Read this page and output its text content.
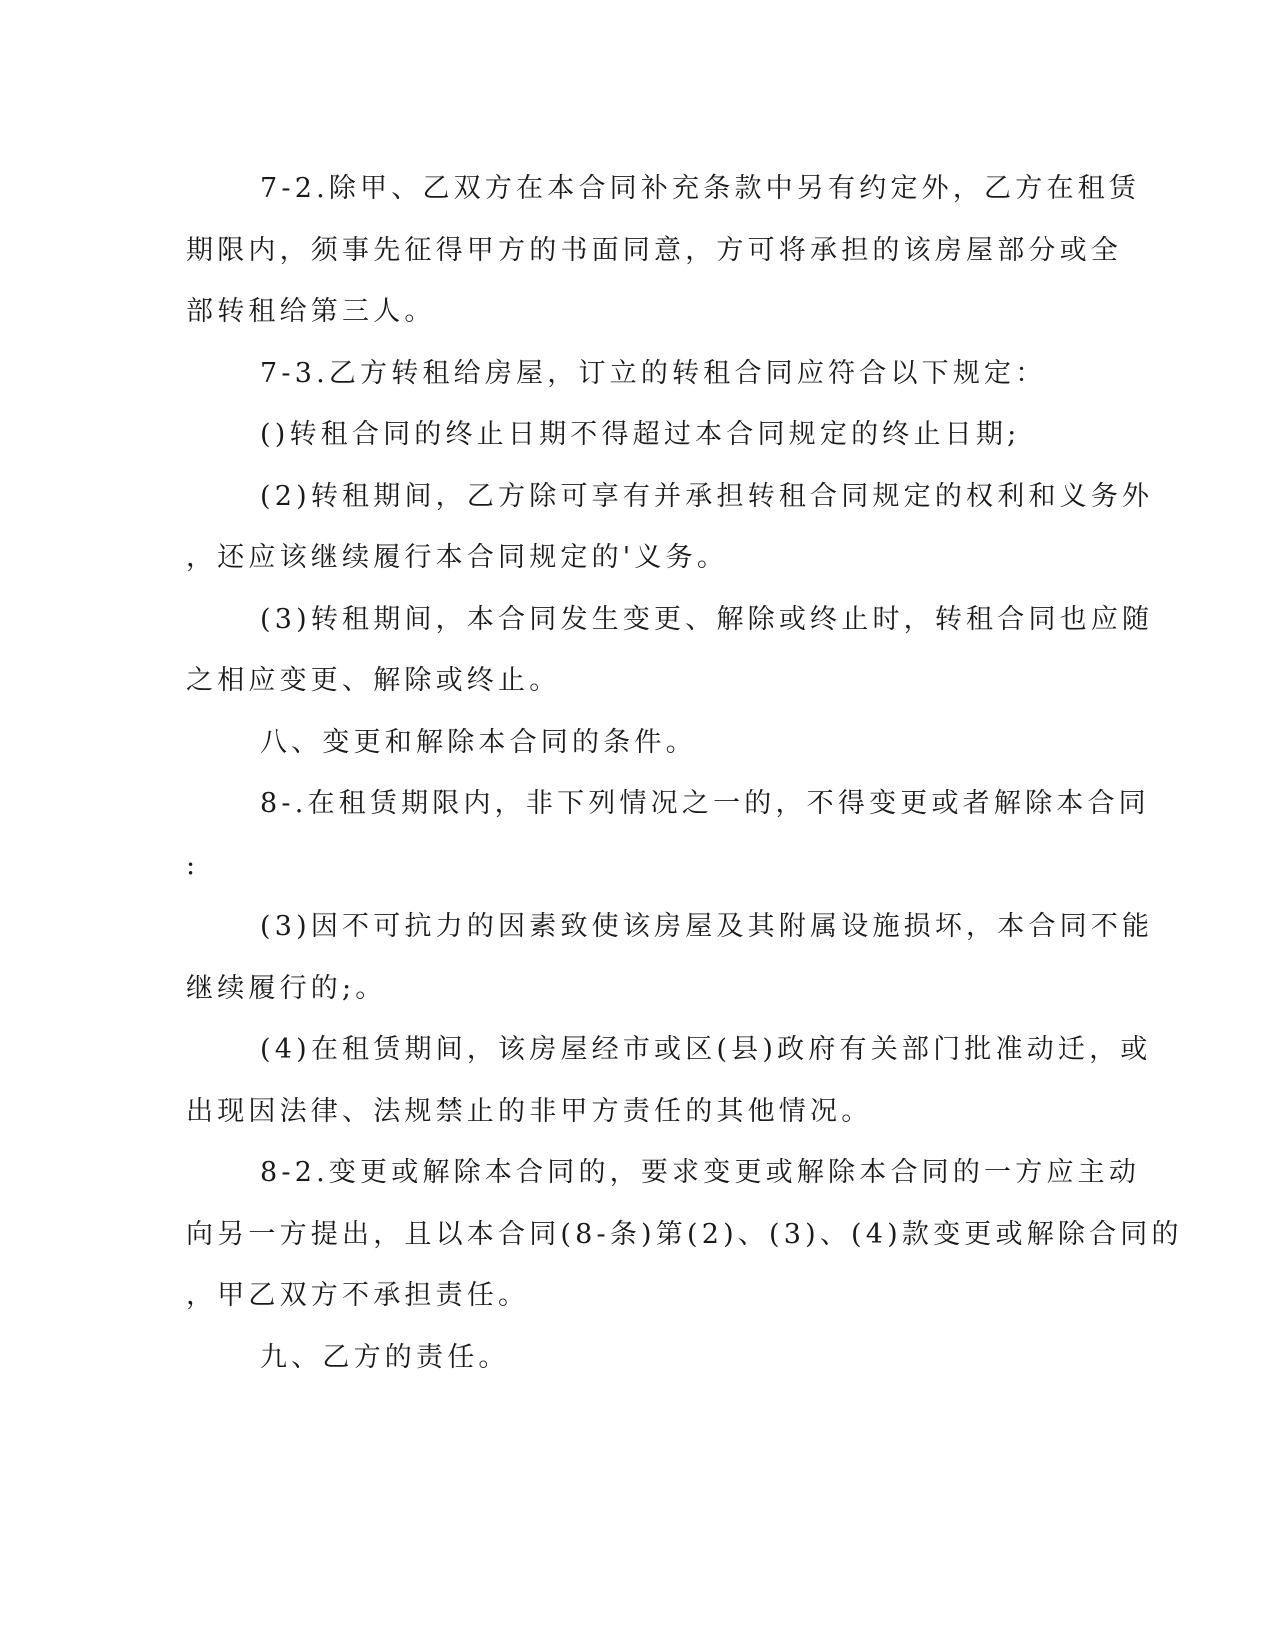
7-2.除甲、乙双方在本合同补充条款中另有约定外，乙方在租赁
期限内，须事先征得甲方的书面同意，方可将承担的该房屋部分或全
部转租给第三人。
7-3.乙方转租给房屋，订立的转租合同应符合以下规定：
()转租合同的终止日期不得超过本合同规定的终止日期;
(2)转租期间，乙方除可享有并承担转租合同规定的权利和义务外
，还应该继续履行本合同规定的'义务。
(3)转租期间，本合同发生变更、解除或终止时，转租合同也应随
之相应变更、解除或终止。
八、变更和解除本合同的条件。
8-.在租赁期限内，非下列情况之一的，不得变更或者解除本合同
:
(3)因不可抗力的因素致使该房屋及其附属设施损坏，本合同不能
继续履行的;。
(4)在租赁期间，该房屋经市或区(县)政府有关部门批准动迁，或
出现因法律、法规禁止的非甲方责任的其他情况。
8-2.变更或解除本合同的，要求变更或解除本合同的一方应主动
向另一方提出，且以本合同(8-条)第(2)、(3)、(4)款变更或解除合同的
，甲乙双方不承担责任。
九、乙方的责任。
